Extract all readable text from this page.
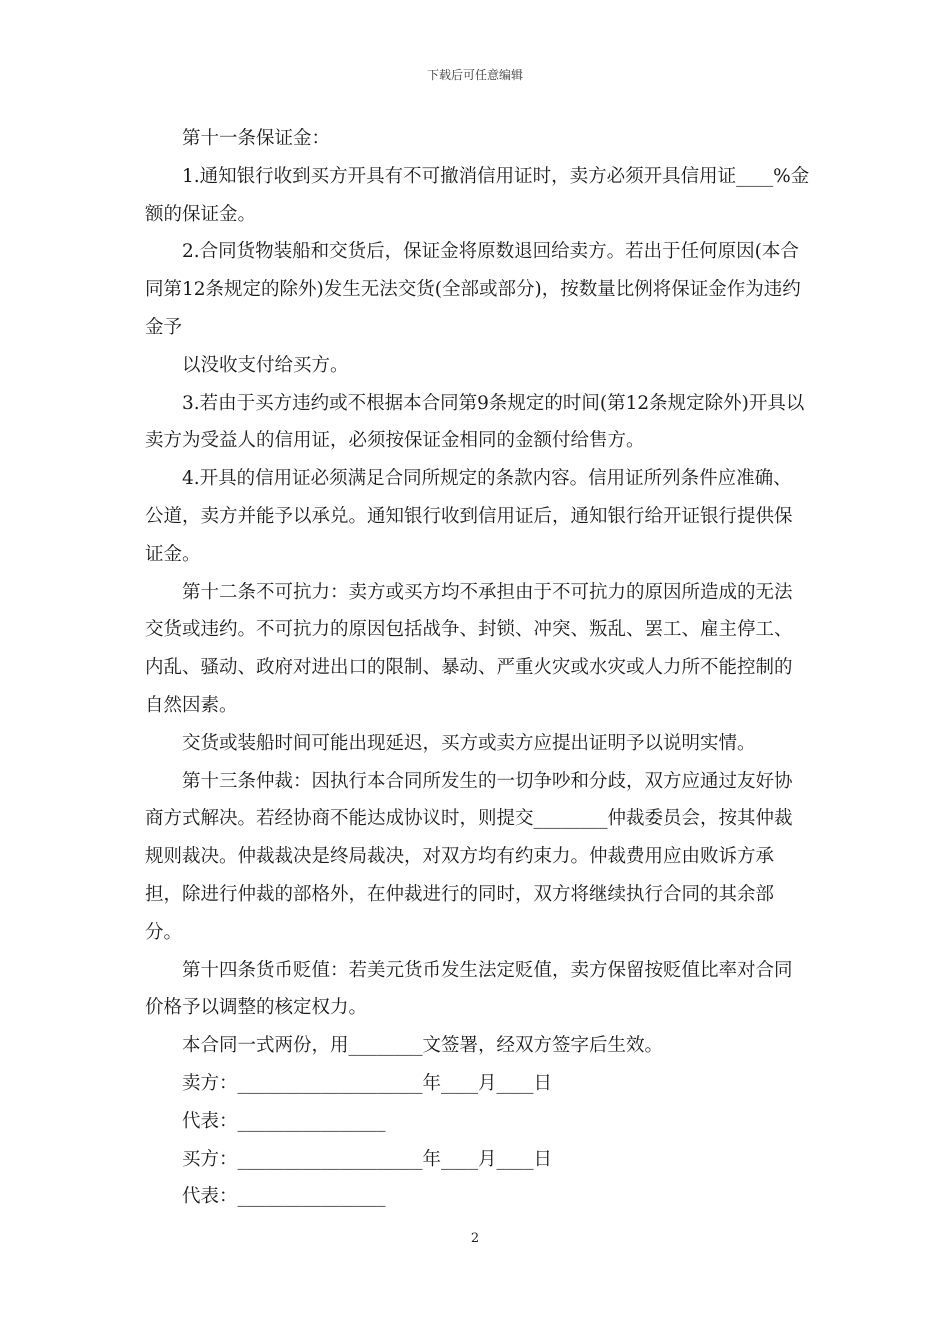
下载后可任意编辑

第十一条保证金：

1.通知银行收到买方开具有不可撤消信用证时，卖方必须开具信用证____%金额的保证金。

2.合同货物装船和交货后，保证金将原数退回给卖方。若出于任何原因(本合同第12条规定的除外)发生无法交货(全部或部分)，按数量比例将保证金作为违约金予

以没收支付给买方。

3.若由于买方违约或不根据本合同第9条规定的时间(第12条规定除外)开具以卖方为受益人的信用证，必须按保证金相同的金额付给售方。

4.开具的信用证必须满足合同所规定的条款内容。信用证所列条件应准确、公道，卖方并能予以承兑。通知银行收到信用证后，通知银行给开证银行提供保证金。

第十二条不可抗力：卖方或买方均不承担由于不可抗力的原因所造成的无法交货或违约。不可抗力的原因包括战争、封锁、冲突、叛乱、罢工、雇主停工、内乱、骚动、政府对进出口的限制、暴动、严重火灾或水灾或人力所不能控制的自然因素。

交货或装船时间可能出现延迟，买方或卖方应提出证明予以说明实情。

第十三条仲裁：因执行本合同所发生的一切争吵和分歧，双方应通过友好协商方式解决。若经协商不能达成协议时，则提交________仲裁委员会，按其仲裁规则裁决。仲裁裁决是终局裁决，对双方均有约束力。仲裁费用应由败诉方承担，除进行仲裁的部格外，在仲裁进行的同时，双方将继续执行合同的其余部分。

第十四条货币贬值：若美元货币发生法定贬值，卖方保留按贬值比率对合同价格予以调整的核定权力。

本合同一式两份，用________文签署，经双方签字后生效。

卖方：____________________年____月____日

代表：________________

买方：____________________年____月____日

代表：________________

2
